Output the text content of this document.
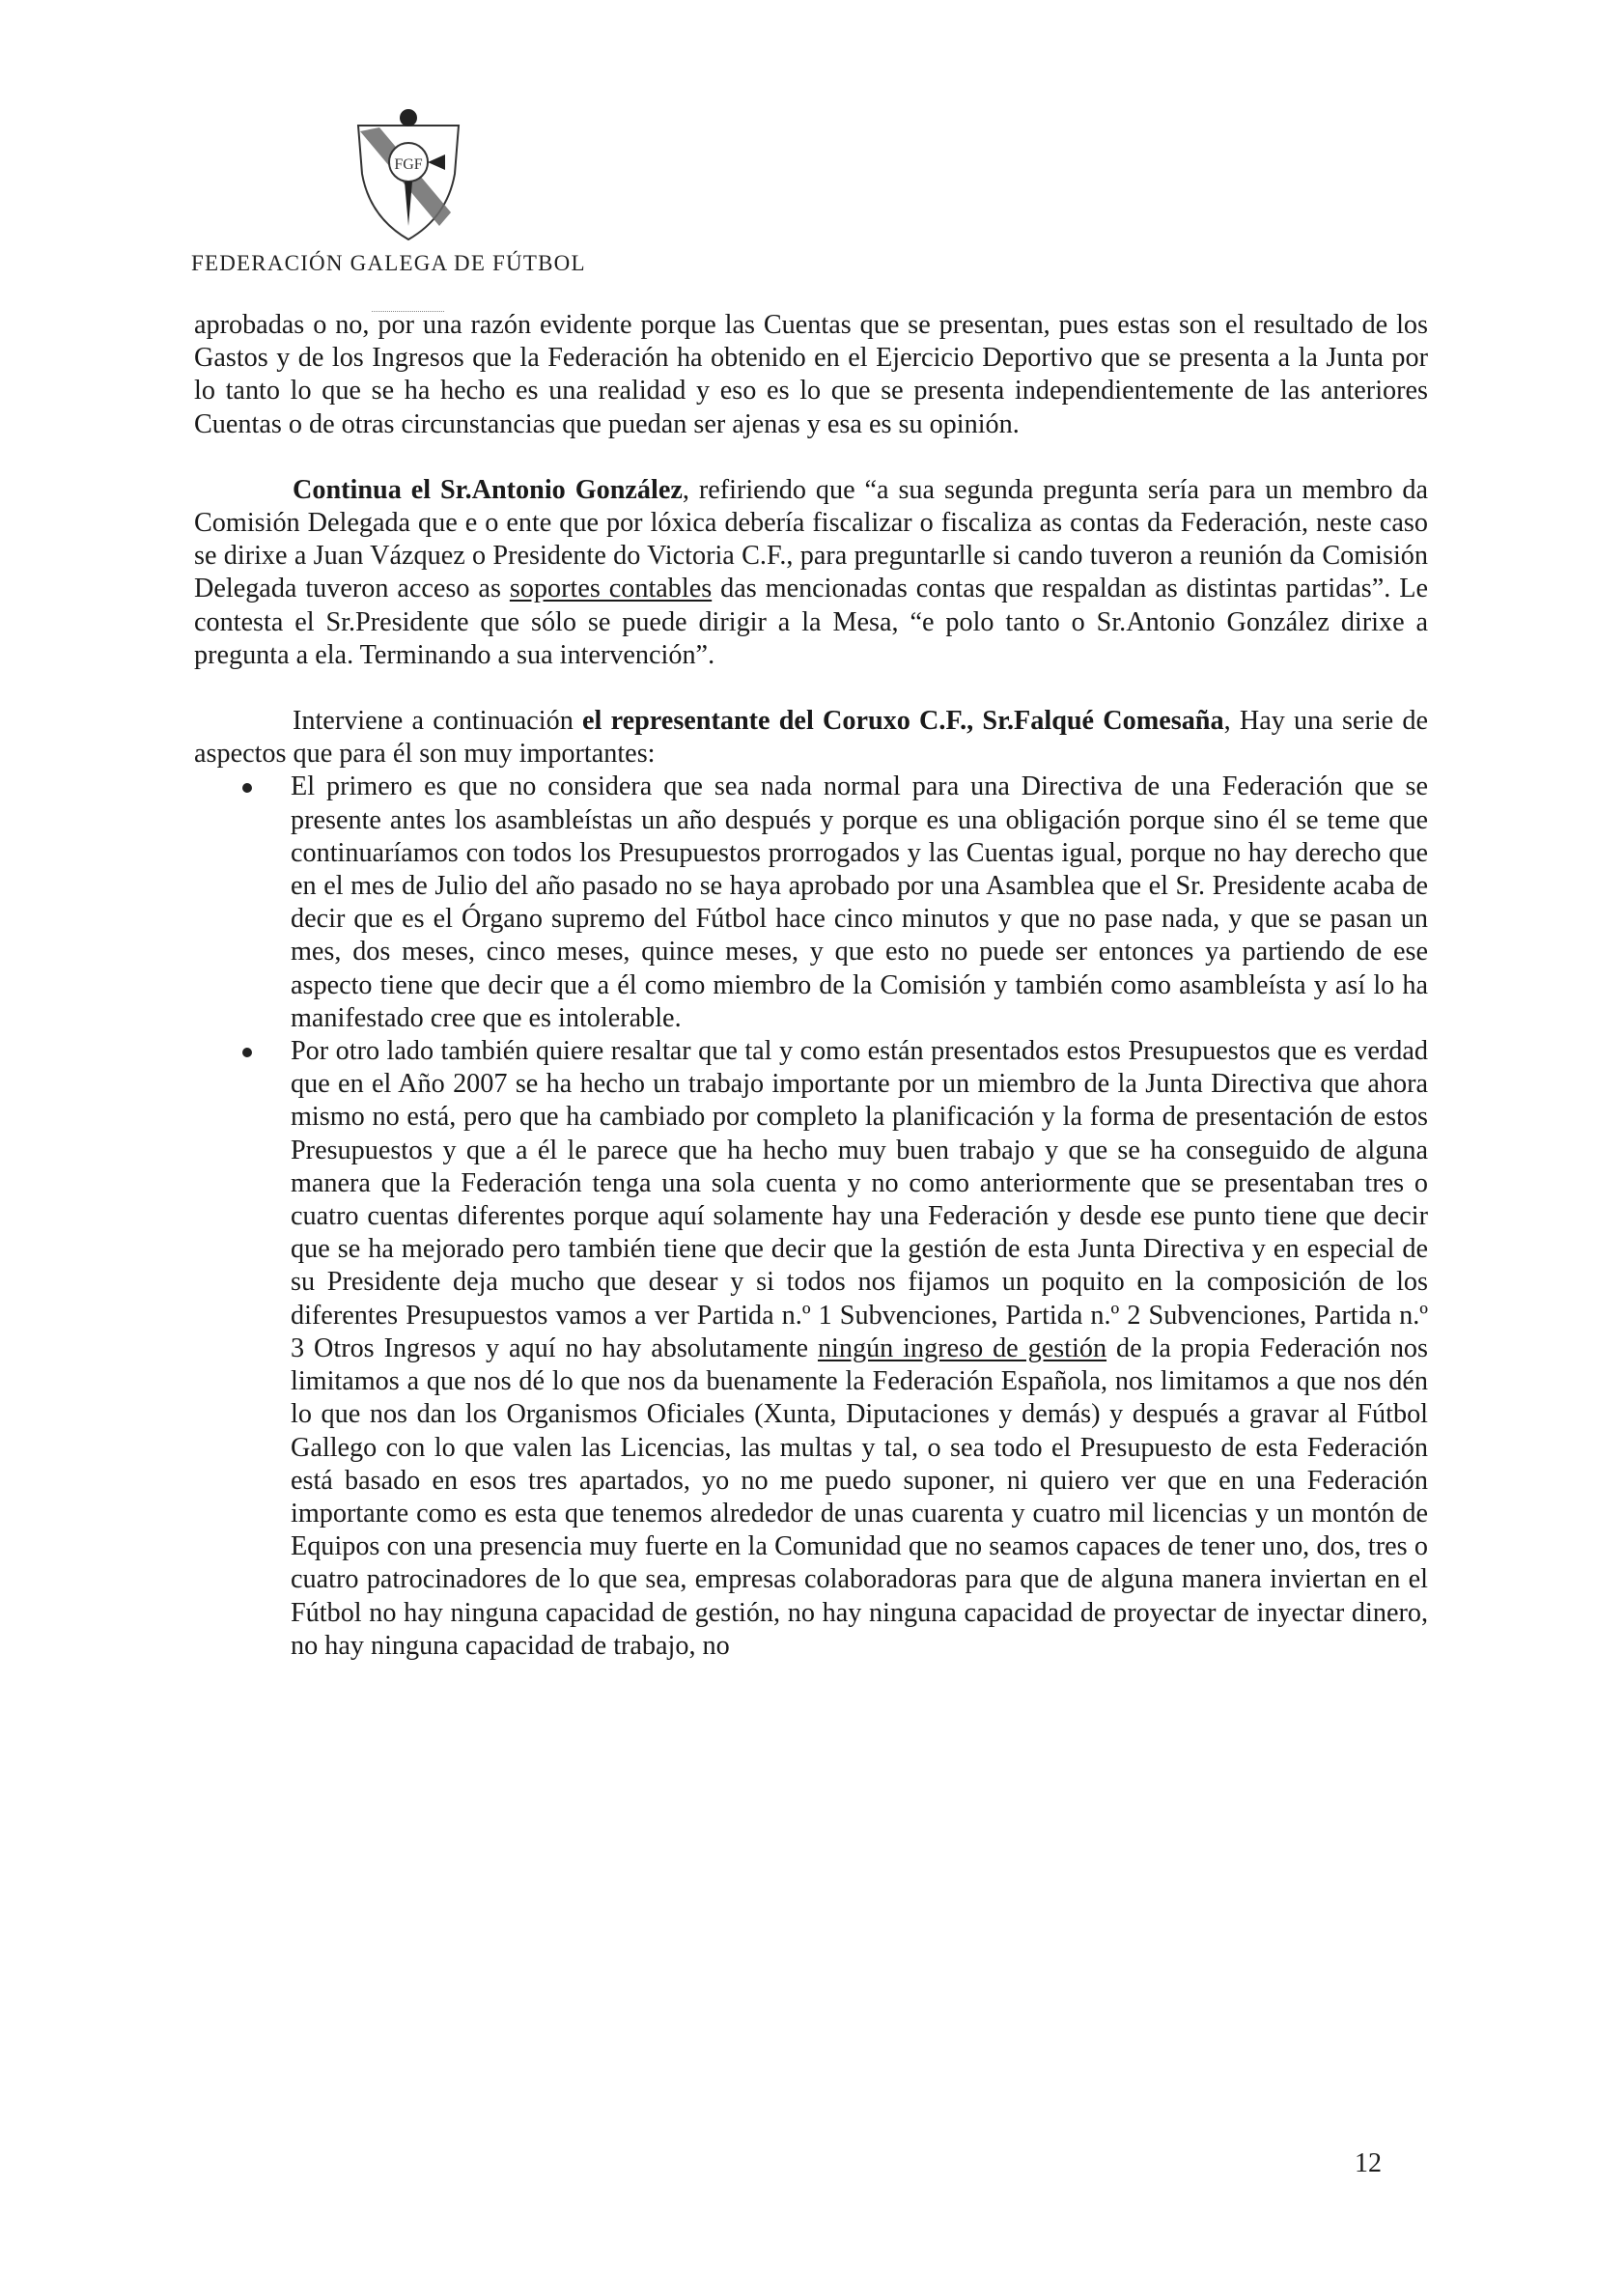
FGF
FEDERACIÓN GALEGA DE FÚTBOL

aprobadas o no, por una razón evidente porque las Cuentas que se presentan, pues estas son el resultado de los Gastos y de los Ingresos que la Federación ha obtenido en el Ejercicio Deportivo que se presenta a la Junta por lo tanto lo que se ha hecho es una realidad y eso es lo que se presenta independientemente de las anteriores Cuentas o de otras circunstancias que puedan ser ajenas y esa es su opinión.

Continua el Sr.Antonio González, refiriendo que “a sua segunda pregunta sería para un membro da Comisión Delegada que e o ente que por lóxica debería fiscalizar o fiscaliza as contas da Federación, neste caso se dirixe a Juan Vázquez o Presidente do Victoria C.F., para preguntarlle si cando tuveron a reunión da Comisión Delegada tuveron acceso as soportes contables das mencionadas contas que respaldan as distintas partidas”. Le contesta el Sr.Presidente que sólo se puede dirigir a la Mesa, “e polo tanto o Sr.Antonio González dirixe a pregunta a ela. Terminando a sua intervención”.

Interviene a continuación el representante del Coruxo C.F., Sr.Falqué Comesaña, Hay una serie de aspectos que para él son muy importantes:

El primero es que no considera que sea nada normal para una Directiva de una Federación que se presente antes los asambleístas un año después y porque es una obligación porque sino él se teme que continuaríamos con todos los Presupuestos prorrogados y las Cuentas igual, porque no hay derecho que en el mes de Julio del año pasado no se haya aprobado por una Asamblea que el Sr. Presidente acaba de decir que es el Órgano supremo del Fútbol hace cinco minutos y que no pase nada, y que se pasan un mes, dos meses, cinco meses, quince meses, y que esto no puede ser entonces ya partiendo de ese aspecto tiene que decir que a él como miembro de la Comisión y también como asambleísta y así lo ha manifestado cree que es intolerable.
Por otro lado también quiere resaltar que tal y como están presentados estos Presupuestos que es verdad que en el Año 2007 se ha hecho un trabajo importante por un miembro de la Junta Directiva que ahora mismo no está, pero que ha cambiado por completo la planificación y la forma de presentación de estos Presupuestos y que a él le parece que ha hecho muy buen trabajo y que se ha conseguido de alguna manera que la Federación tenga una sola cuenta y no como anteriormente que se presentaban tres o cuatro cuentas diferentes porque aquí solamente hay una Federación y desde ese punto tiene que decir que se ha mejorado pero también tiene que decir que la gestión de esta Junta Directiva y en especial de su Presidente deja mucho que desear y si todos nos fijamos un poquito en la composición de los diferentes Presupuestos vamos a ver Partida n.º 1 Subvenciones, Partida n.º 2 Subvenciones, Partida n.º 3 Otros Ingresos y aquí no hay absolutamente ningún ingreso de gestión de la propia Federación nos limitamos a que nos dé lo que nos da buenamente la Federación Española, nos limitamos a que nos dén lo que nos dan los Organismos Oficiales (Xunta, Diputaciones y demás) y después a gravar al Fútbol Gallego con lo que valen las Licencias, las multas y tal, o sea todo el Presupuesto de esta Federación está basado en esos tres apartados, yo no me puedo suponer, ni quiero ver que en una Federación importante como es esta que tenemos alrededor de unas cuarenta y cuatro mil licencias y un montón de Equipos con una presencia muy fuerte en la Comunidad que no seamos capaces de tener uno, dos, tres o cuatro patrocinadores de lo que sea, empresas colaboradoras para que de alguna manera inviertan en el Fútbol no hay ninguna capacidad de gestión, no hay ninguna capacidad de proyectar de inyectar dinero, no hay ninguna capacidad de trabajo, no
12
